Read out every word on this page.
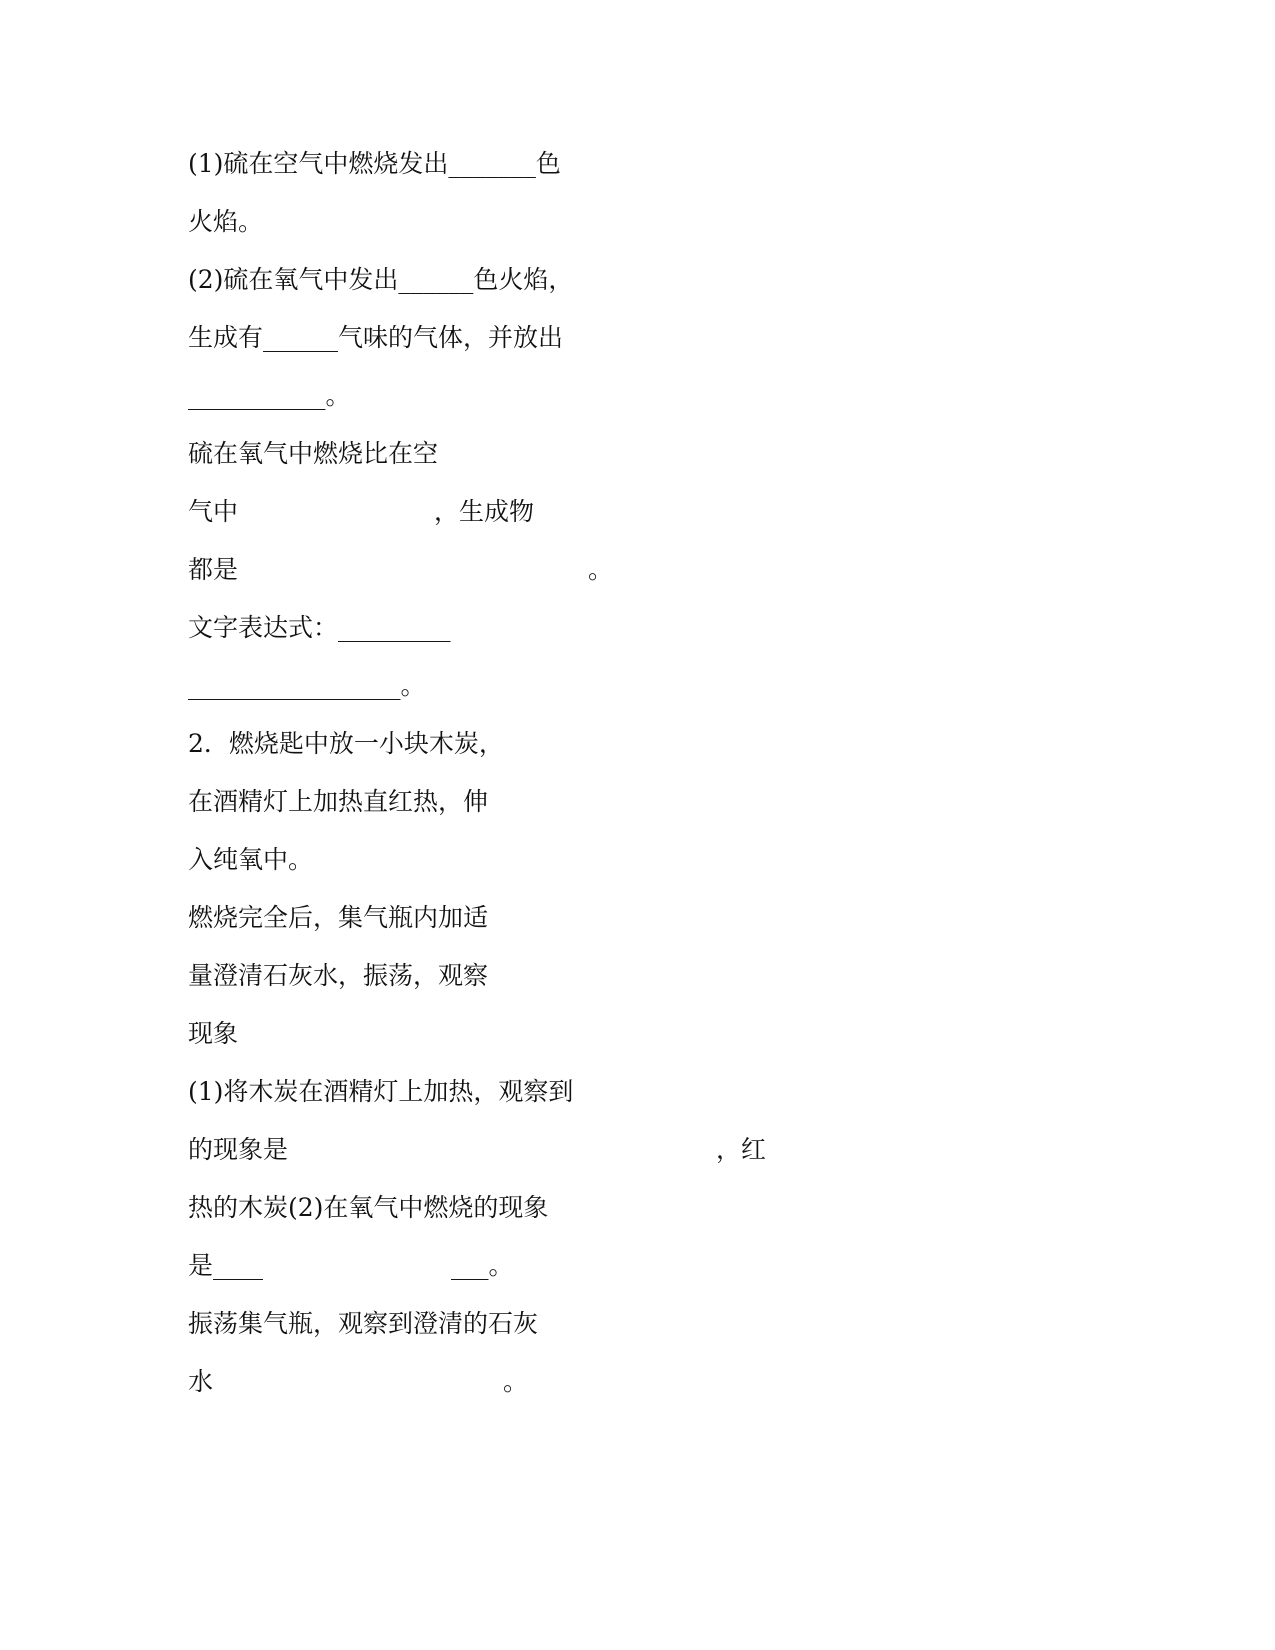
(1)硫在空气中燃烧发出_______色

火焰。

(2)硫在氧气中发出______色火焰，

生成有______气味的气体，并放出

___________。

硫在氧气中燃烧比在空

气中	，生成物

都是	。

文字表达式：_________

_________________。

2．燃烧匙中放一小块木炭，

在酒精灯上加热直红热，伸

入纯氧中。

燃烧完全后，集气瓶内加适

量澄清石灰水，振荡，观察

现象

(1)将木炭在酒精灯上加热，观察到

的现象是	，红

热的木炭(2)在氧气中燃烧的现象

是____	___。

振荡集气瓶，观察到澄清的石灰

水	。
